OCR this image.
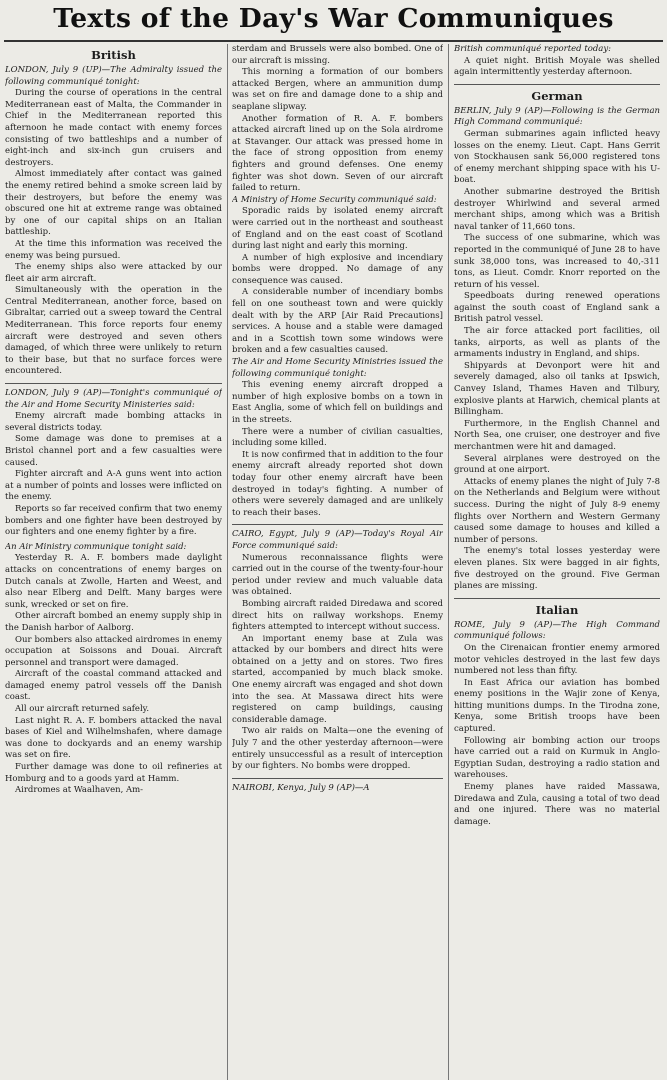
Texts of the Day's War Communiques
British

LONDON, July 9 (UP)—The Admiralty issued the following communiqué tonight:

During the course of operations in the central Mediterranean east of Malta, the Commander in Chief in the Mediterranean reported this afternoon he made contact with enemy forces consisting of two battleships and a number of eight-inch and six-inch gun cruisers and destroyers.

Almost immediately after contact was gained the enemy retired behind a smoke screen laid by their destroyers, but before the enemy was obscured one hit at extreme range was obtained by one of our capital ships on an Italian battleship.

At the time this information was received the enemy was being pursued.

The enemy ships also were attacked by our fleet air arm aircraft.

Simultaneously with the operation in the Central Mediterranean, another force, based on Gibraltar, carried out a sweep toward the Central Mediterranean. This force reports four enemy aircraft were destroyed and seven others damaged, of which three were unlikely to return to their base, but that no surface forces were encountered.

LONDON, July 9 (AP)—Tonight's communiqué of the Air and Home Security Ministeries said:

Enemy aircraft made bombing attacks in several districts today.

Some damage was done to premises at a Bristol channel port and a few casualties were caused.

Fighter aircraft and A-A guns went into action at a number of points and losses were inflicted on the enemy.

Reports so far received confirm that two enemy bombers and one fighter have been destroyed by our fighters and one enemy fighter by a fire.

An Air Ministry communique tonight said:

Yesterday R. A. F. bombers made daylight attacks on concentrations of enemy barges on Dutch canals at Zwolle, Harten and Weest, and also near Elberg and Delft. Many barges were sunk, wrecked or set on fire.

Other aircraft bombed an enemy supply ship in the Danish harbor of Aalborg.

Our bombers also attacked airdromes in enemy occupation at Soissons and Douai. Aircraft personnel and transport were damaged.

Aircraft of the coastal command attacked and damaged enemy patrol vessels off the Danish coast.

All our aircraft returned safely.

Last night R. A. F. bombers attacked the naval bases of Kiel and Wilhelmshafen, where damage was done to dockyards and an enemy warship was set on fire.

Further damage was done to oil refineries at Homburg and to a goods yard at Hamm.

Airdromes at Waalhaven, Am-

sterdam and Brussels were also bombed. One of our aircraft is missing.

This morning a formation of our bombers attacked Bergen, where an ammunition dump was set on fire and damage done to a ship and seaplane slipway.

Another formation of R. A. F. bombers attacked aircraft lined up on the Sola airdrome at Stavanger. Our attack was pressed home in the face of strong opposition from enemy fighters and ground defenses. One enemy fighter was shot down. Seven of our aircraft failed to return.

A Ministry of Home Security communiqué said:

Sporadic raids by isolated enemy aircraft were carried out in the northeast and southeast of England and on the east coast of Scotland during last night and early this morning.

A number of high explosive and incendiary bombs were dropped. No damage of any consequence was caused.

A considerable number of incendiary bombs fell on one southeast town and were quickly dealt with by the ARP [Air Raid Precautions] services. A house and a stable were damaged and in a Scottish town some windows were broken and a few casualties caused.

The Air and Home Security Ministries issued the following communiqué tonight:

This evening enemy aircraft dropped a number of high explosive bombs on a town in East Anglia, some of which fell on buildings and in the streets.

There were a number of civilian casualties, including some killed.

It is now confirmed that in addition to the four enemy aircraft already reported shot down today four other enemy aircraft have been destroyed in today's fighting. A number of others were severely damaged and are unlikely to reach their bases.

CAIRO, Egypt, July 9 (AP)—Today's Royal Air Force communiqué said:

Numerous reconnaissance flights were carried out in the course of the twenty-four-hour period under review and much valuable data was obtained.

Bombing aircraft raided Diredawa and scored direct hits on railway workshops. Enemy fighters attempted to intercept without success.

An important enemy base at Zula was attacked by our bombers and direct hits were obtained on a jetty and on stores. Two fires started, accompanied by much black smoke. One enemy aircraft was engaged and shot down into the sea. At Massawa direct hits were registered on camp buildings, causing considerable damage.

Two air raids on Malta—one the evening of July 7 and the other yesterday afternoon—were entirely unsuccessful as a result of interception by our fighters. No bombs were dropped.

NAIROBI, Kenya, July 9 (AP)—A

British communiqué reported today:

A quiet night. British Moyale was shelled again intermittently yesterday afternoon.

German

BERLIN, July 9 (AP)—Following is the German High Command communiqué:

German submarines again inflicted heavy losses on the enemy. Lieut. Capt. Hans Gerrit von Stockhausen sank 56,000 registered tons of enemy merchant shipping space with his U-boat.

Another submarine destroyed the British destroyer Whirlwind and several armed merchant ships, among which was a British naval tanker of 11,660 tons.

The success of one submarine, which was reported in the communiqué of June 28 to have sunk 38,000 tons, was increased to 40,-311 tons, as Lieut. Comdr. Knorr reported on the return of his vessel.

Speedboats during renewed operations against the south coast of England sank a British patrol vessel.

The air force attacked port facilities, oil tanks, airports, as well as plants of the armaments industry in England, and ships.

Shipyards at Devonport were hit and severely damaged, also oil tanks at Ipswich, Canvey Island, Thames Haven and Tilbury, explosive plants at Harwich, chemical plants at Billingham.

Furthermore, in the English Channel and North Sea, one cruiser, one destroyer and five merchantmen were hit and damaged.

Several airplanes were destroyed on the ground at one airport.

Attacks of enemy planes the night of July 7-8 on the Netherlands and Belgium were without success. During the night of July 8-9 enemy flights over Northern and Western Germany caused some damage to houses and killed a number of persons.

The enemy's total losses yesterday were eleven planes. Six were bagged in air fights, five destroyed on the ground. Five German planes are missing.

Italian

ROME, July 9 (AP)—The High Command communiqué follows:

On the Cirenaican frontier enemy armored motor vehicles destroyed in the last few days numbered not less than fifty.

In East Africa our aviation has bombed enemy positions in the Wajir zone of Kenya, hitting munitions dumps. In the Tirodna zone, Kenya, some British troops have been captured.

Following air bombing action our troops have carried out a raid on Kurmuk in Anglo-Egyptian Sudan, destroying a radio station and warehouses.

Enemy planes have raided Massawa, Diredawa and Zula, causing a total of two dead and one injured. There was no material damage.
